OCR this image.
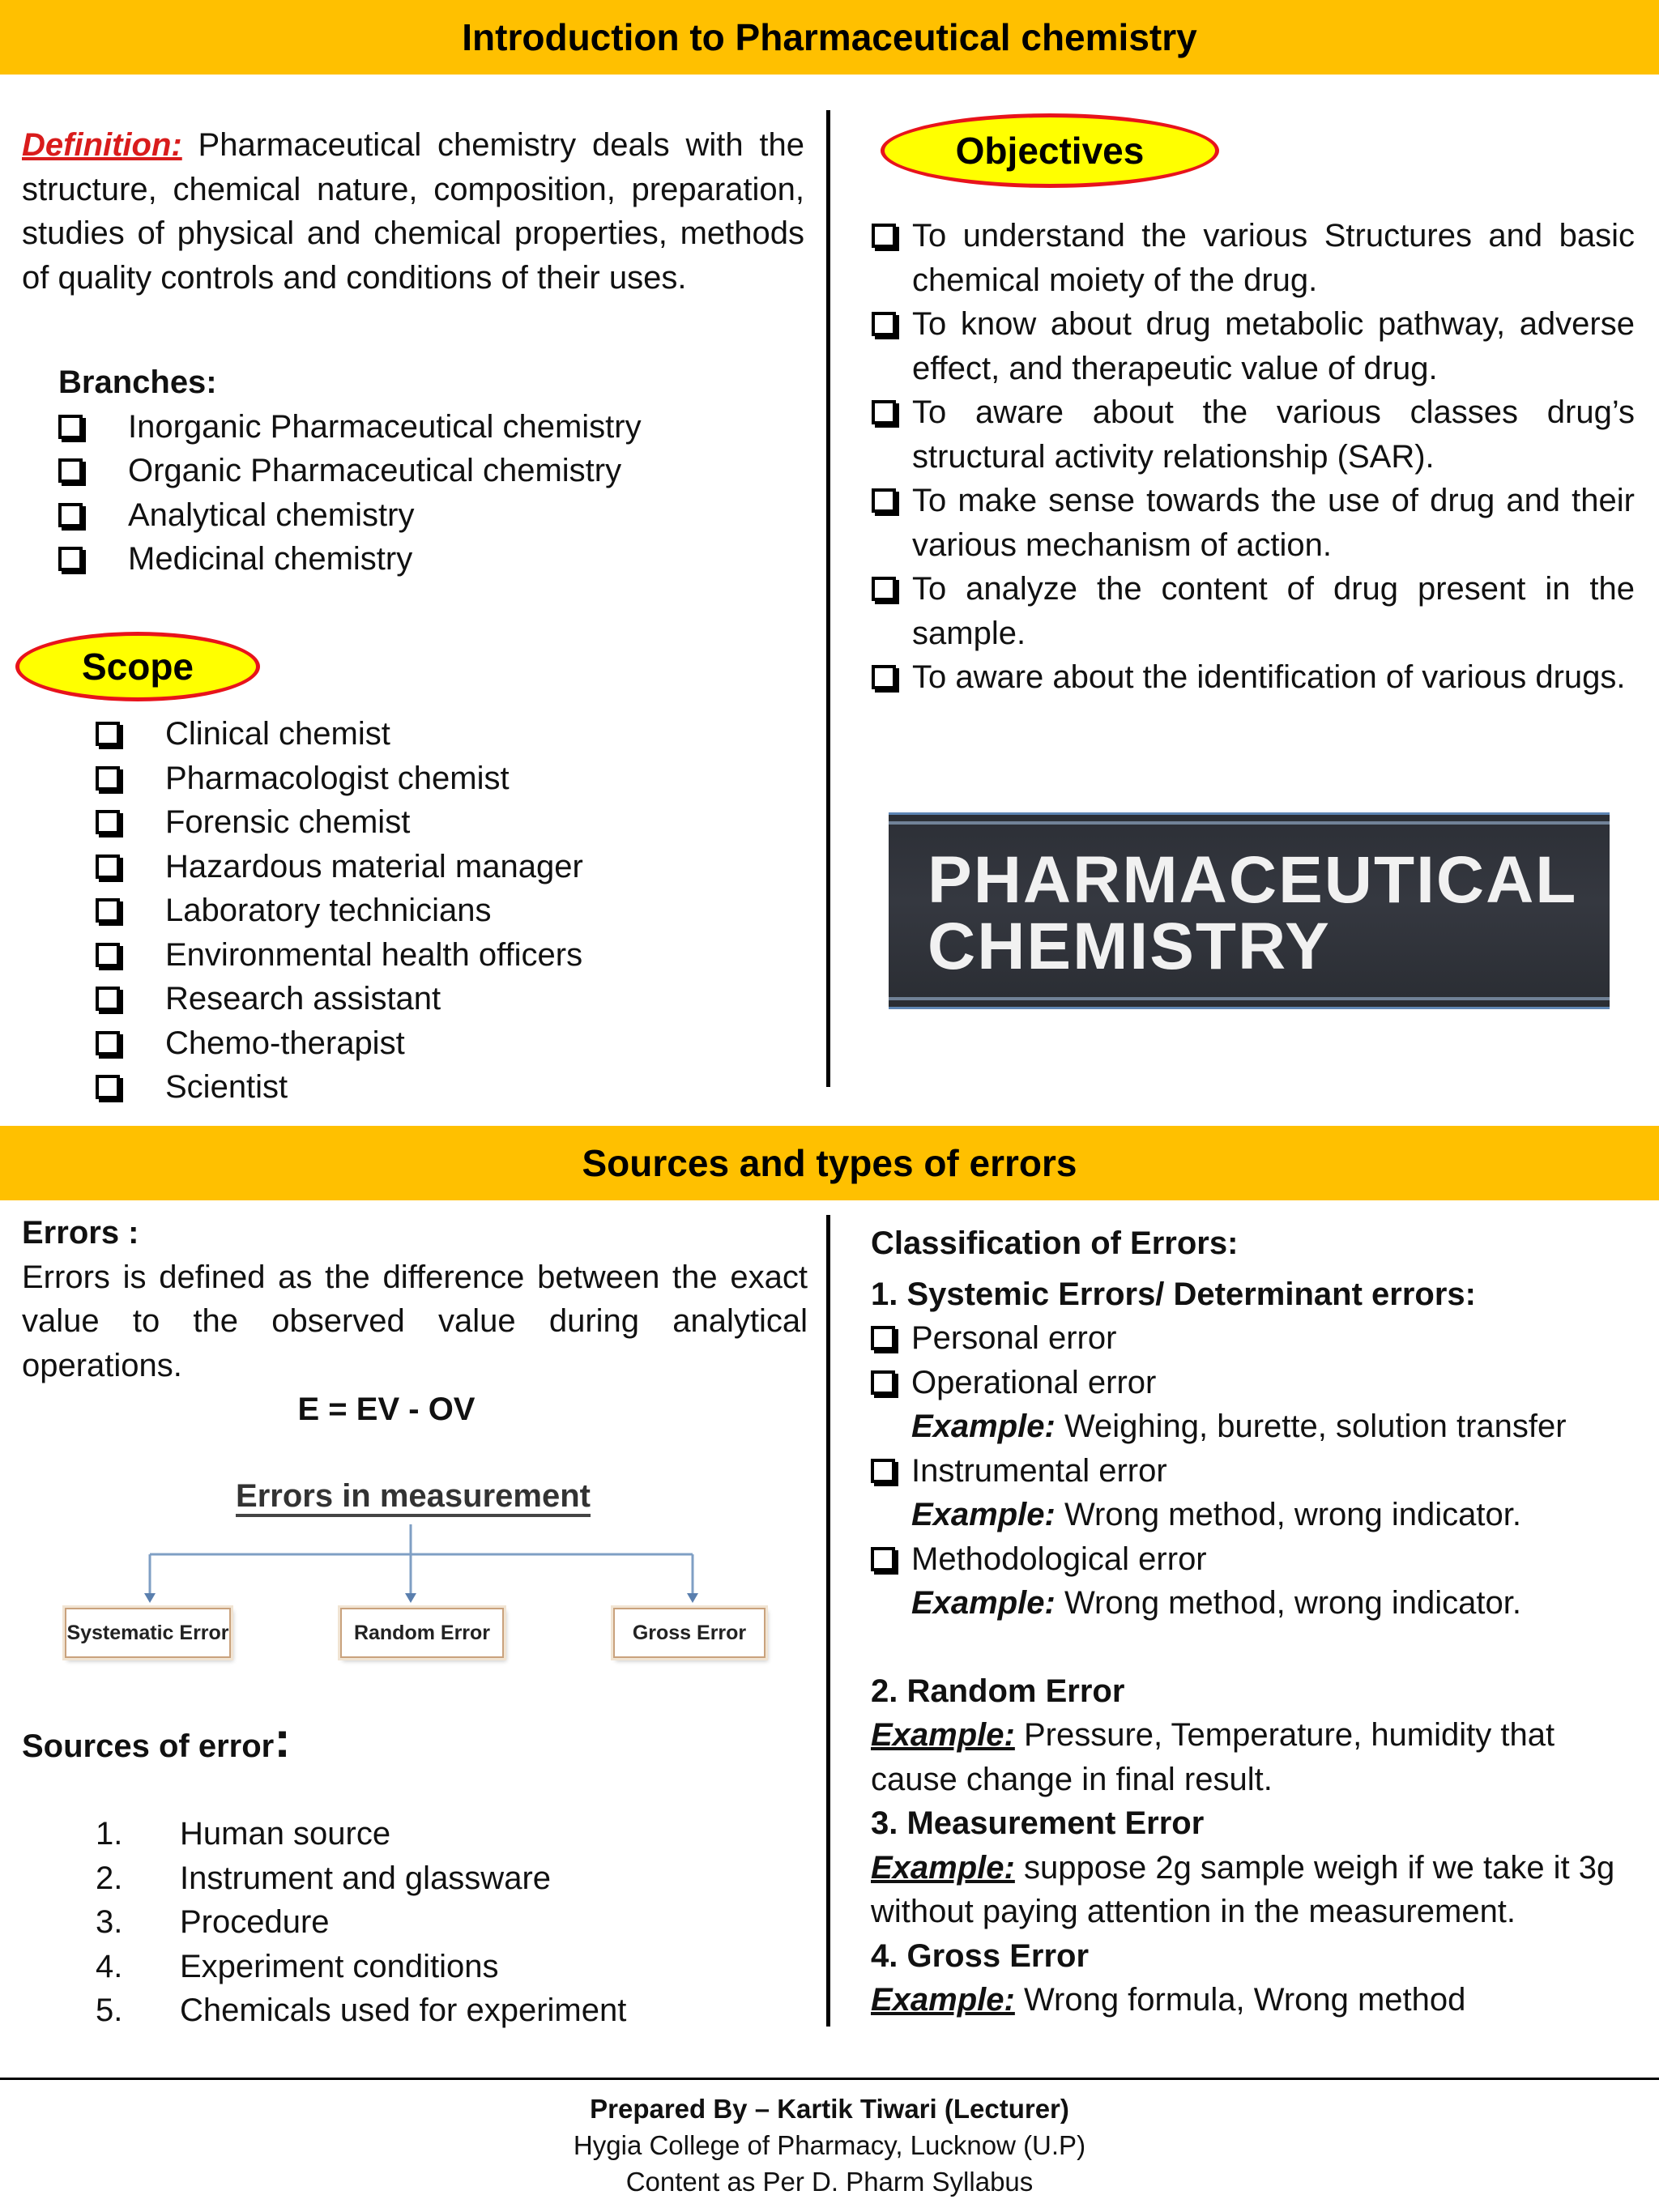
Introduction to Pharmaceutical chemistry
Definition: Pharmaceutical chemistry deals with the structure, chemical nature, composition, preparation, studies of physical and chemical properties, methods of quality controls and conditions of their uses.
Branches:
Inorganic Pharmaceutical chemistry
Organic Pharmaceutical chemistry
Analytical chemistry
Medicinal chemistry
Scope
Clinical chemist
Pharmacologist chemist
Forensic chemist
Hazardous material manager
Laboratory technicians
Environmental health officers
Research assistant
Chemo-therapist
Scientist
Objectives
To understand the various Structures and basic chemical moiety of the drug.
To know about drug metabolic pathway, adverse effect, and therapeutic value of drug.
To aware about the various classes drug’s structural activity relationship (SAR).
To make sense towards the use of drug and their various mechanism of action.
To analyze the content of drug present in the sample.
To aware about the identification of various drugs.
PHARMACEUTICAL
CHEMISTRY
Sources and types of errors
Errors :
Errors is defined as the difference between the exact value to the observed value during analytical operations.
E = EV - OV
Errors in measurement
Systematic Error	Random Error	Gross Error
Sources of error:
1. Human source
2. Instrument and glassware
3. Procedure
4. Experiment conditions
5. Chemicals used for experiment
Classification of Errors:
1. Systemic Errors/ Determinant errors:
Personal error
Operational error
Example: Weighing, burette, solution transfer
Instrumental error
Example: Wrong method, wrong indicator.
Methodological error
Example: Wrong method, wrong indicator.
2. Random Error
Example: Pressure, Temperature, humidity that cause change in final result.
3. Measurement Error
Example: suppose 2g sample weigh if we take it 3g without paying attention in the measurement.
4. Gross Error
Example: Wrong formula, Wrong method
Prepared By – Kartik Tiwari (Lecturer)
Hygia College of Pharmacy, Lucknow (U.P)
Content as Per D. Pharm Syllabus
